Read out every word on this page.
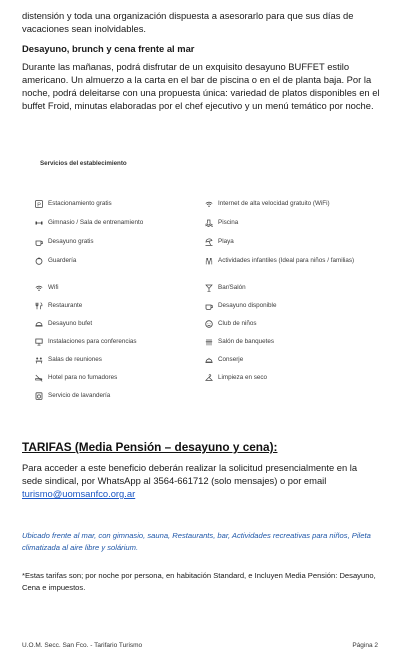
distensión y toda una organización dispuesta a asesorarlo para que sus días de vacaciones sean inolvidables.

Desayuno, brunch y cena frente al mar

Durante las mañanas, podrá disfrutar de un exquisito desayuno BUFFET estilo americano. Un almuerzo a la carta en el bar de piscina o en el de planta baja. Por la noche, podrá deleitarse con una propuesta única: variedad de platos disponibles en el buffet Froid, minutas elaboradas por el chef ejecutivo y un menú temático por noche.

Servicios del establecimiento
P Estacionamiento gratis
Gimnasio / Sala de entrenamiento
Desayuno gratis
Guardería
Wifi
Restaurante
Desayuno bufet
Instalaciones para conferencias
Salas de reuniones
Hotel para no fumadores
Servicio de lavandería
Internet de alta velocidad gratuito (WiFi)
Piscina
Playa
Actividades infantiles (Ideal para niños / familias)
Bar/Salón
Desayuno disponible
Club de niños
Salón de banquetes
Conserje
Limpieza en seco
TARIFAS (Media Pensión – desayuno y cena):

Para acceder a este beneficio deberán realizar la solicitud presencialmente en la sede sindical, por WhatsApp al 3564-661712 (solo mensajes) o por email
turismo@uomsanfco.org.ar

Ubicado frente al mar, con gimnasio, sauna, Restaurants, bar, Actividades recreativas para niños, Pileta climatizada al aire libre y solárium.

*Estas tarifas son; por noche por persona, en habitación Standard, e Incluyen Media Pensión: Desayuno, Cena e impuestos.

U.O.M. Secc. San Fco. - Tarifario Turismo	Página 2
